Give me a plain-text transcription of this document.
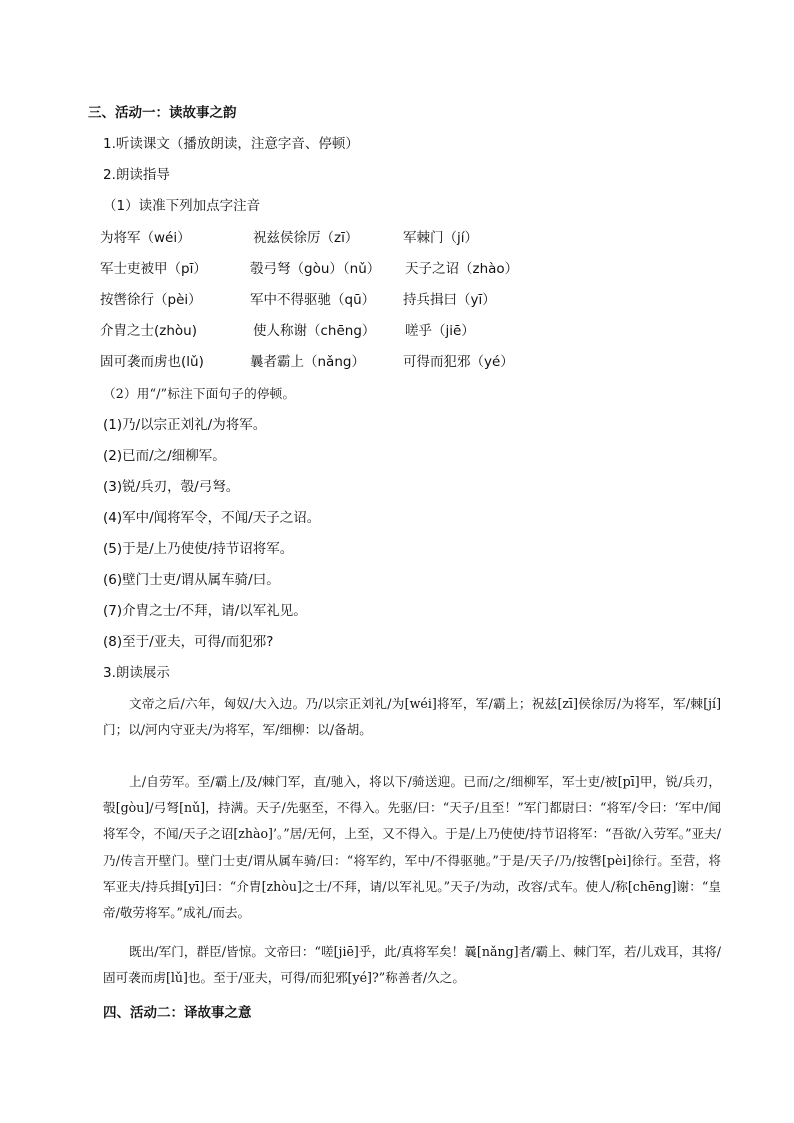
三、活动一：读故事之韵
1.听读课文（播放朗读，注意字音、停顿）
2.朗读指导
（1）读准下列加点字注音
为将军（wéi）	祝兹侯徐厉（zī）	军棘门（jí）
军士吏被甲（pī）	彀弓弩（gòu）（nǔ） 天子之诏（zhào）
按辔徐行（pèi）	军中不得驱驰（qū） 持兵揖曰（yī）
介胄之士(zhòu)	使人称谢（chēng） 嗟乎（jiē）
固可袭而虏也(lǔ)	曩者霸上（nǎng）	可得而犯邪（yé）
（2）用“/”标注下面句子的停顿。
(1)乃/以宗正刘礼/为将军。
(2)已而/之/细柳军。
(3)锐/兵刃，彀/弓弩。
(4)军中/闻将军令，不闻/天子之诏。
(5)于是/上乃使使/持节诏将军。
(6)壁门士吏/谓从属车骑/曰。
(7)介胄之士/不拜，请/以军礼见。
(8)至于/亚夫，可得/而犯邪?
3.朗读展示
文帝之后/六年，匈奴/大入边。乃/以宗正刘礼/为[wéi]将军，军/霸上；祝兹[zī]侯徐厉/为将军，军/棘[jí]门；以/河内守亚夫/为将军，军/细柳：以/备胡。
上/自劳军。至/霸上/及/棘门军，直/驰入，将以下/骑送迎。已而/之/细柳军，军士吏/被[pī]甲，锐/兵刃，彀[gòu]/弓弩[nǔ]，持满。天子/先驱至，不得入。先驱/曰：“天子/且至！”军门都尉曰：“将军/令曰：‘军中/闻将军令，不闻/天子之诏[zhào]’。”居/无何，上至，又不得入。于是/上乃使使/持节诏将军：“吾欲/入劳军。”亚夫/乃/传言开壁门。壁门士吏/谓从属车骑/曰：“将军约，军中/不得驱驰。”于是/天子/乃/按辔[pèi]徐行。至营，将军亚夫/持兵揖[yī]曰：“介胄[zhòu]之士/不拜，请/以军礼见。”天子/为动，改容/式车。使人/称[chēng]谢：“皇帝/敬劳将军。”成礼/而去。
既出/军门，群臣/皆惊。文帝曰：“嗟[jiē]乎，此/真将军矣！曩[nǎng]者/霸上、棘门军，若/儿戏耳，其将/固可袭而虏[lǔ]也。至于/亚夫，可得/而犯邪[yé]?”称善者/久之。
四、活动二：译故事之意
